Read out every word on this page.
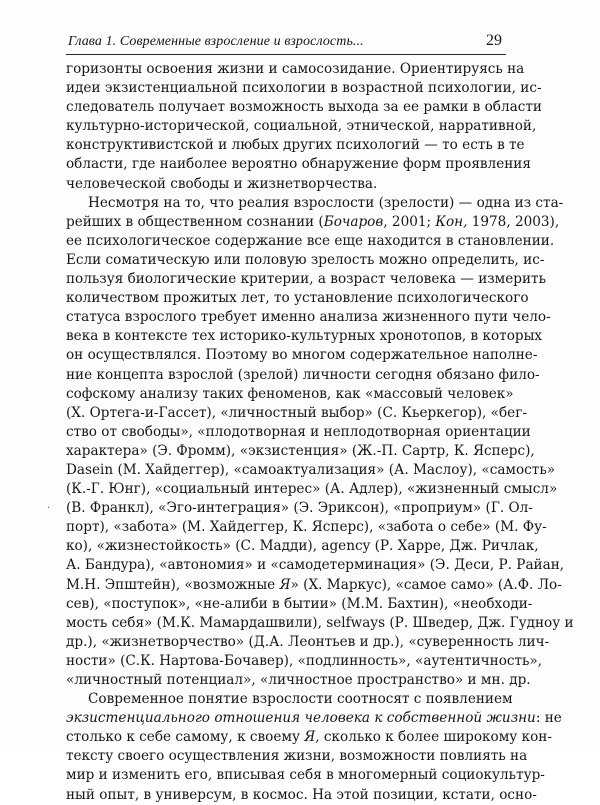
Глава 1. Современные взросление и взрослость...	29
·
горизонты освоения жизни и самосозидание. Ориентируясь на
идеи экзистенциальной психологии в возрастной психологии, ис-
следователь получает возможность выхода за ее рамки в области
культурно-исторической, социальной, этнической, нарративной,
конструктивистской и любых других психологий — то есть в те
области, где наиболее вероятно обнаружение форм проявления
человеческой свободы и жизнетворчества.
Несмотря на то, что реалия взрослости (зрелости) — одна из ста-
рейших в общественном сознании (Бочаров, 2001; Кон, 1978, 2003),
ее психологическое содержание все еще находится в становлении.
Если соматическую или половую зрелость можно определить, ис-
пользуя биологические критерии, а возраст человека — измерить
количеством прожитых лет, то установление психологического
статуса взрослого требует именно анализа жизненного пути чело-
века в контексте тех историко-культурных хронотопов, в которых
он осуществлялся. Поэтому во многом содержательное наполне-
ние концепта взрослой (зрелой) личности сегодня обязано фило-
софскому анализу таких феноменов, как «массовый человек»
(Х. Ортега-и-Гассет), «личностный выбор» (С. Кьеркегор), «бег-
ство от свободы», «плодотворная и неплодотворная ориентации
характера» (Э. Фромм), «экзистенция» (Ж.-П. Сартр, К. Ясперс),
Dasein (М. Хайдеггер), «самоактуализация» (А. Маслоу), «самость»
(К.-Г. Юнг), «социальный интерес» (А. Адлер), «жизненный смысл»
(В. Франкл), «Эго-интеграция» (Э. Эриксон), «проприум» (Г. Ол-
порт), «забота» (М. Хайдеггер, К. Ясперс), «забота о себе» (М. Фу-
ко), «жизнестойкость» (С. Мадди), agency (Р. Харре, Дж. Ричлак,
А. Бандура), «автономия» и «самодетерминация» (Э. Деси, Р. Райан,
М.Н. Эпштейн), «возможные Я» (Х. Маркус), «самое само» (А.Ф. Ло-
сев), «поступок», «не-алиби в бытии» (М.М. Бахтин), «необходи-
мость себя» (М.К. Мамардашвили), selfways (Р. Шведер, Дж. Гудноу и
др.), «жизнетворчество» (Д.А. Леонтьев и др.), «суверенность лич-
ности» (С.К. Нартова-Бочавер), «подлинность», «аутентичность»,
«личностный потенциал», «личностное пространство» и мн. др.
Современное понятие взрослости соотносят с появлением
экзистенциального отношения человека к собственной жизни: не
столько к себе самому, к своему Я, сколько к более широкому кон-
тексту своего осуществления жизни, возможности повлиять на
мир и изменить его, вписывая себя в многомерный социокультур-
ный опыт, в универсум, в космос. На этой позиции, кстати, осно-
